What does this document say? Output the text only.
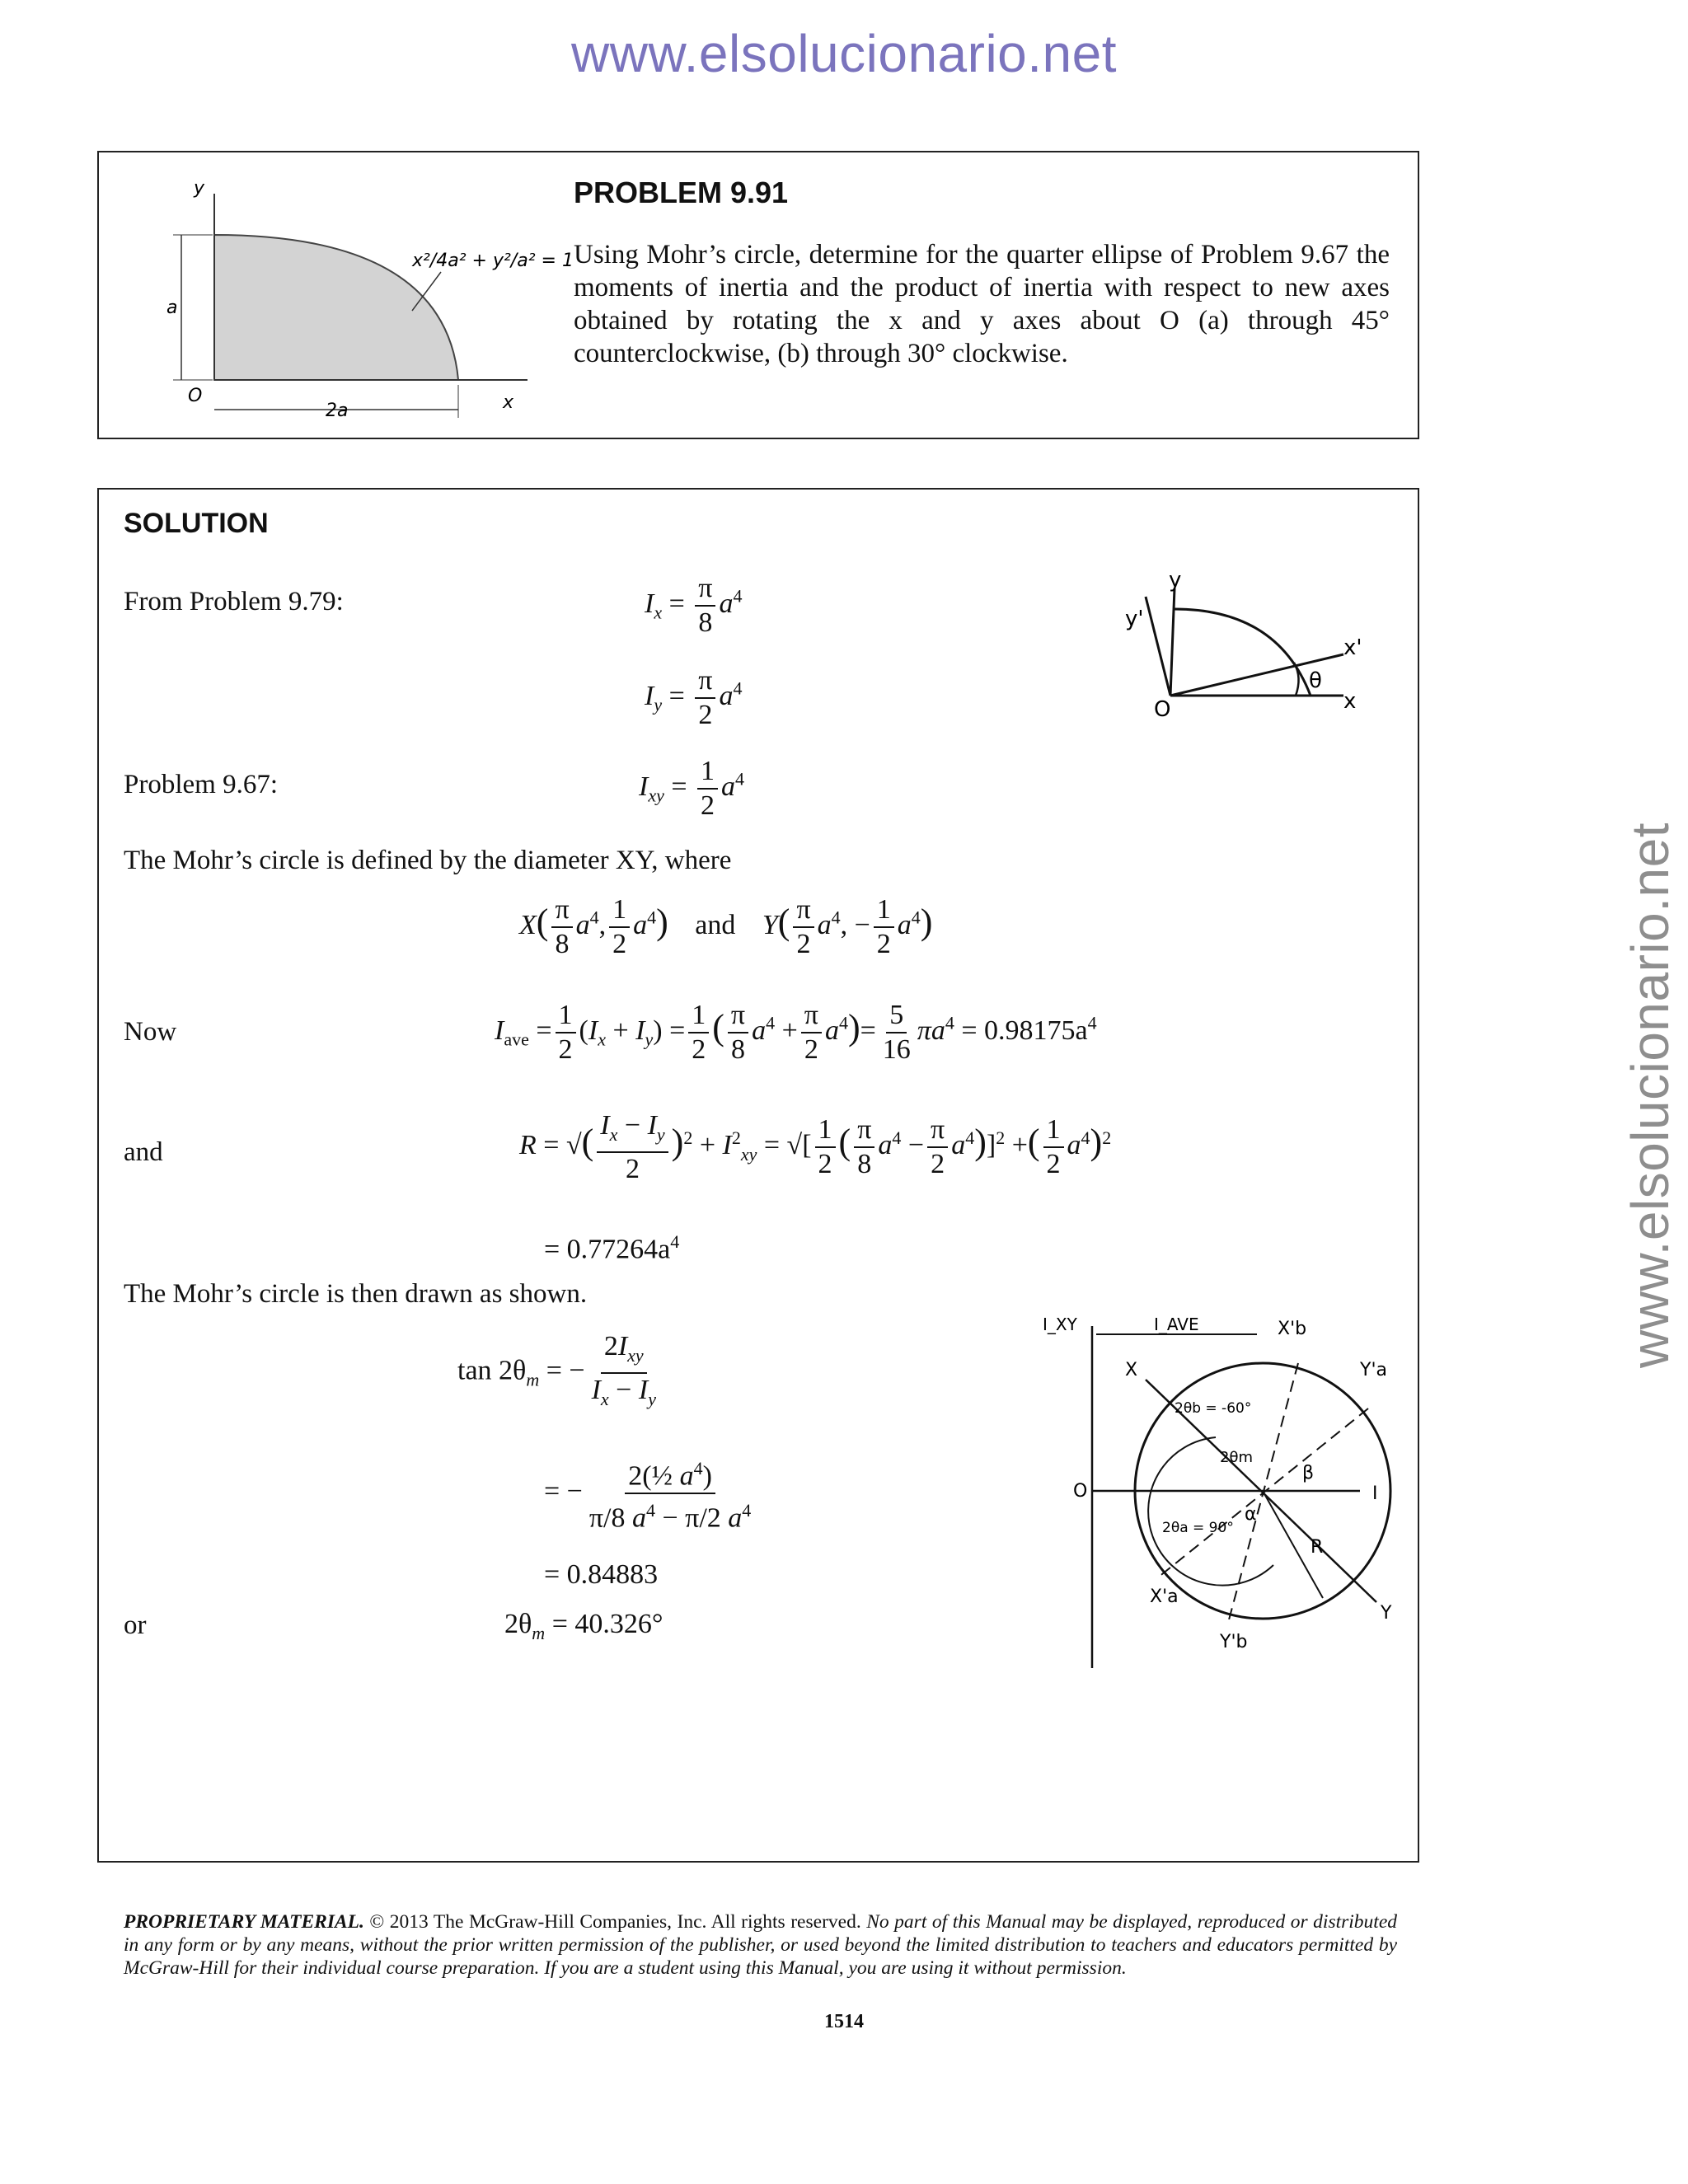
www.elsolucionario.net
www.elsolucionario.net
y
x
O
a
2a
x²/4a² + y²/a² = 1
PROBLEM 9.91
Using Mohr’s circle, determine for the quarter ellipse of Problem 9.67 the moments of inertia and the product of inertia with respect to new axes obtained by rotating the x and y axes about O (a) through 45° counterclockwise, (b) through 30° clockwise.
SOLUTION
From Problem 9.79:	$I_x = \frac{\pi}{8} a^4$
$I_y = \frac{\pi}{2} a^4$
Problem 9.67:	$I_{xy} = \frac{1}{2} a^4$
The Mohr’s circle is defined by the diameter XY, where
$X( \frac{\pi}{8} a^4$, $\frac{1}{2} a^4$) and $Y( \frac{\pi}{2} a^4$, − $\frac{1}{2} a^4$)
Now	$I_{ave} = \frac{1}{2} (I_x + I_y) = \frac{1}{2}$ ( $\frac{\pi}{8} a^4 + \frac{\pi}{2} a^4)= \frac{5}{16} \pi a^4 = 0.98175a^4$
and	R = √( $\frac{I_x - I_y}{2} )^2 + I^2_{xy}$ = √[ $\frac{1}{2}$ ( $\frac{\pi}{8} a^4 - \frac{\pi}{2} a^4)]^2$ +( $\frac{1}{2} a^4)^2$
= $0.77264a^4$
The Mohr’s circle is then drawn as shown.
$\tan 2\theta_m$ = − $\frac{2I_{xy}}{I_x - I_y}$
= − $\frac{2(\frac{1}{2} a^4)}{\pi/8 a^4 - \pi/2 a^4}$
= 0.84883
or	$2\theta_m = 40.326^\circ$
y
y'
x'
θ
x
O
I_XY	I_AVE	X'b
Y'a
X
O	I
Y
X'a
Y'b
R
β
α
2θb = -60°
2θm
2θa = 90°
PROPRIETARY MATERIAL. © 2013 The McGraw-Hill Companies, Inc. All rights reserved. No part of this Manual may be displayed, reproduced or distributed in any form or by any means, without the prior written permission of the publisher, or used beyond the limited distribution to teachers and educators permitted by McGraw-Hill for their individual course preparation. If you are a student using this Manual, you are using it without permission.
1514
